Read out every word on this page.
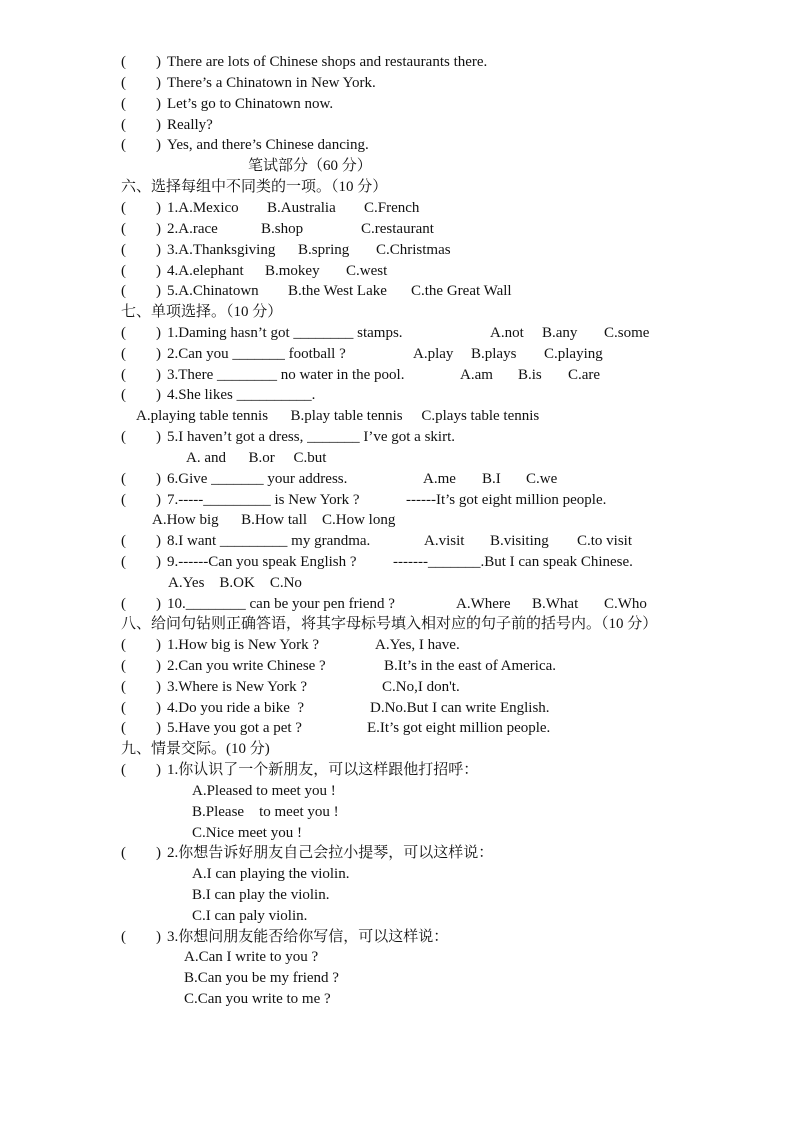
(        ) There are lots of Chinese shops and restaurants there.
(        ) There’s a Chinatown in New York.
(        ) Let’s go to Chinatown now.
(        ) Really?
(        ) Yes, and there’s Chinese dancing.
笔试部分（60 分）
六、选择每组中不同类的一项。（10 分）
(        ) 1.A.Mexico B.Australia C.French
(        ) 2.A.race	B.shop	C.restaurant
(        ) 3.A.Thanksgiving B.spring C.Christmas
(        ) 4.A.elephant B.mokey C.west
(        ) 5.A.Chinatown B.the West Lake C.the Great Wall
七、单项选择。（10 分）
(        ) 1.Daming hasn’t got ________ stamps.	A.not B.any C.some
(        ) 2.Can you _______ football ?	A.play B.plays C.playing
(        ) 3.There ________ no water in the pool.	A.am B.is C.are
(        ) 4.She likes __________.
A.playing table tennis      B.play table tennis     C.plays table tennis
(        ) 5.I haven’t got a dress, _______ I’ve got a skirt.
A. and      B.or     C.but
(        ) 6.Give _______ your address.	A.me B.I C.we
(        ) 7.-----_________ is New York ?	------It’s got eight million people.
A.How big      B.How tall    C.How long
(        ) 8.I want _________ my grandma.	A.visit B.visiting C.to visit
(        ) 9.------Can you speak English ? -------_______.But I can speak Chinese.
A.Yes    B.OK    C.No
(        ) 10.________ can be your pen friend ?	A.Where B.What C.Who
八、给问句钻则正确答语，将其字母标号填入相对应的句子前的括号内。（10 分）
(        ) 1.How big is New York ?	A.Yes, I have.
(        ) 2.Can you write Chinese ?	B.It’s in the east of America.
(        ) 3.Where is New York ?	C.No,I don't.
(        ) 4.Do you ride a bike  ?	D.No.But I can write English.
(        ) 5.Have you got a pet ?	E.It’s got eight million people.
九、情景交际。(10 分)
(        ) 1.你认识了一个新朋友，可以这样跟他打招呼：
A.Pleased to meet you !
B.Please    to meet you !
C.Nice meet you !
(        ) 2.你想告诉好朋友自己会拉小提琴，可以这样说：
A.I can playing the violin.
B.I can play the violin.
C.I can paly violin.
(        ) 3.你想问朋友能否给你写信，可以这样说：
A.Can I write to you ?
B.Can you be my friend ?
C.Can you write to me ?
